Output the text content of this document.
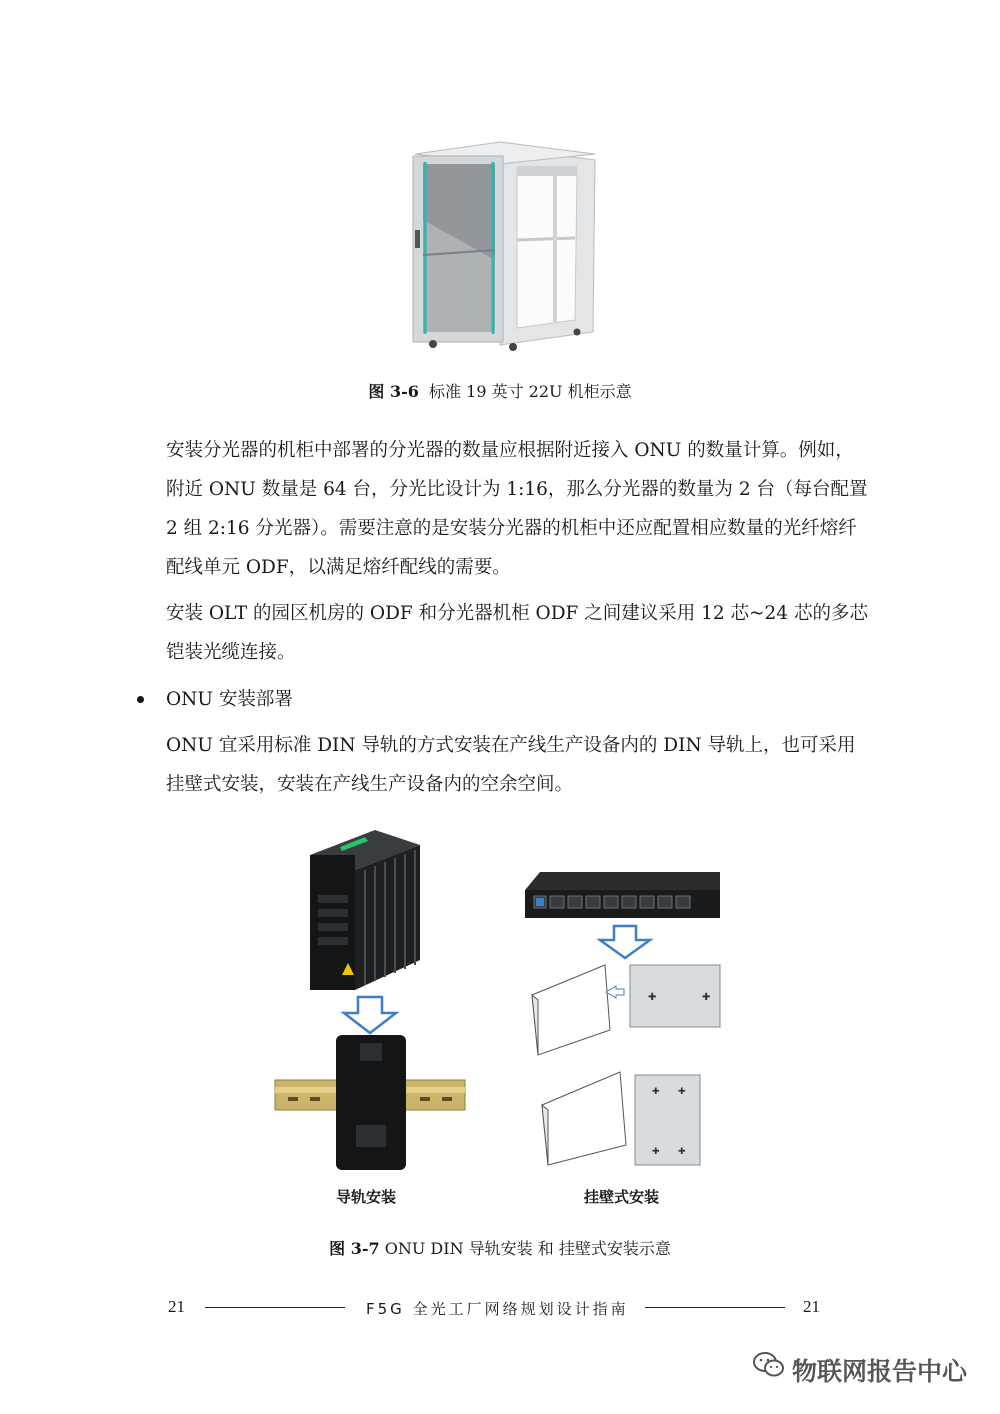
图 3-6 标准 19 英寸 22U 机柜示意

安装分光器的机柜中部署的分光器的数量应根据附近接入 ONU 的数量计算。例如，

附近 ONU 数量是 64 台，分光比设计为 1:16，那么分光器的数量为 2 台（每台配置

2 组 2:16 分光器）。需要注意的是安装分光器的机柜中还应配置相应数量的光纤熔纤

配线单元 ODF，以满足熔纤配线的需要。

安装 OLT 的园区机房的 ODF 和分光器机柜 ODF 之间建议采用 12 芯~24 芯的多芯

铠装光缆连接。

ONU 安装部署

ONU 宜采用标准 DIN 导轨的方式安装在产线生产设备内的 DIN 导轨上，也可采用

挂壁式安装，安装在产线生产设备内的空余空间。

导轨安装
✚	✚
✚ ✚
✚ ✚
挂壁式安装
图 3-7 ONU DIN 导轨安装 和 挂壁式安装示意
21	F5G 全光工厂网络规划设计指南	21
物联网报告中心
